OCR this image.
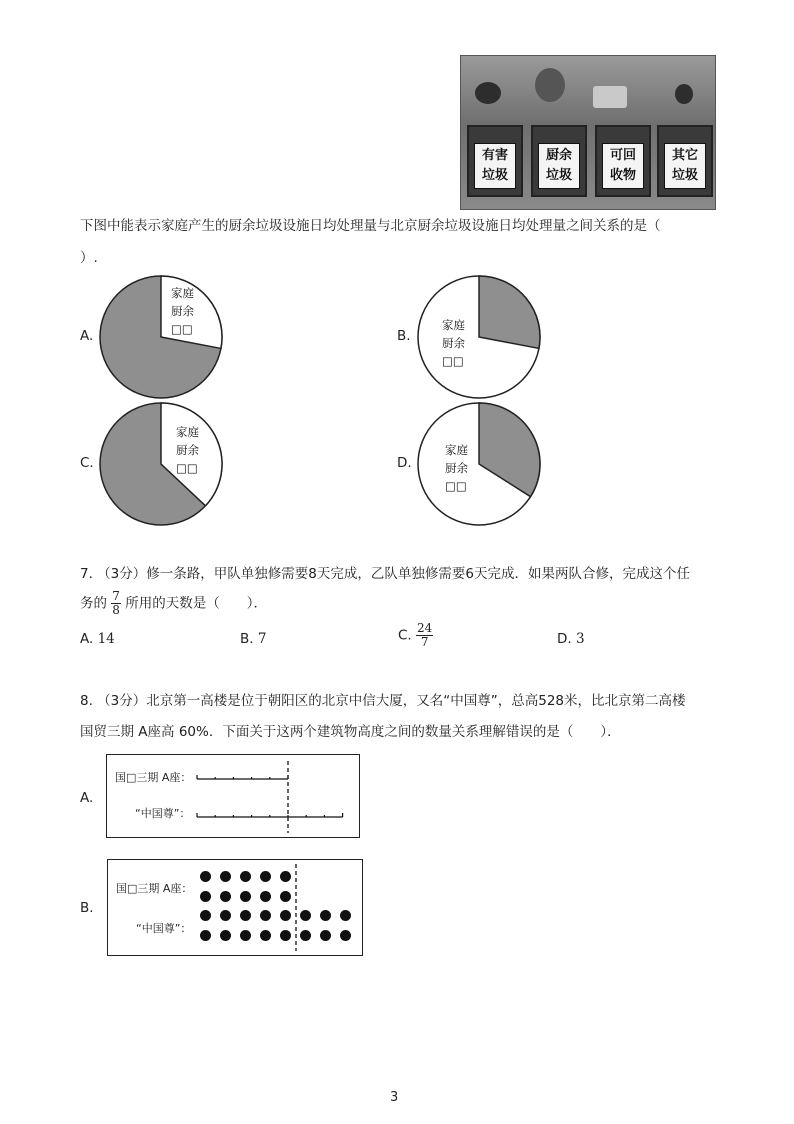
有害
垃圾
厨余
垃圾
可回
收物
其它
垃圾
下图中能表示家庭产生的厨余垃圾设施日均处理量与北京厨余垃圾设施日均处理量之间关系的是（
）.
A.
家庭
厨余
□□	B.
家庭
厨余
□□
C.
家庭
厨余
□□	D.
家庭
厨余
□□
7. （3分）修一条路，甲队单独修需要8天完成，乙队单独修需要6天完成．如果两队合修，完成这个任
务的 $\frac{7}{8}$ 所用的天数是（　　）．
A. 14	B. 7	C. $\frac{24}{7}$	D. 3
8. （3分）北京第一高楼是位于朝阳区的北京中信大厦，又名“中国尊”，总高528米，比北京第二高楼
国贸三期 A座高 60%．下面关于这两个建筑物高度之间的数量关系理解错误的是（　　）．
A.
国□三期 A座：
“中国尊”：
B.
国□三期 A座：
“中国尊”：
3
